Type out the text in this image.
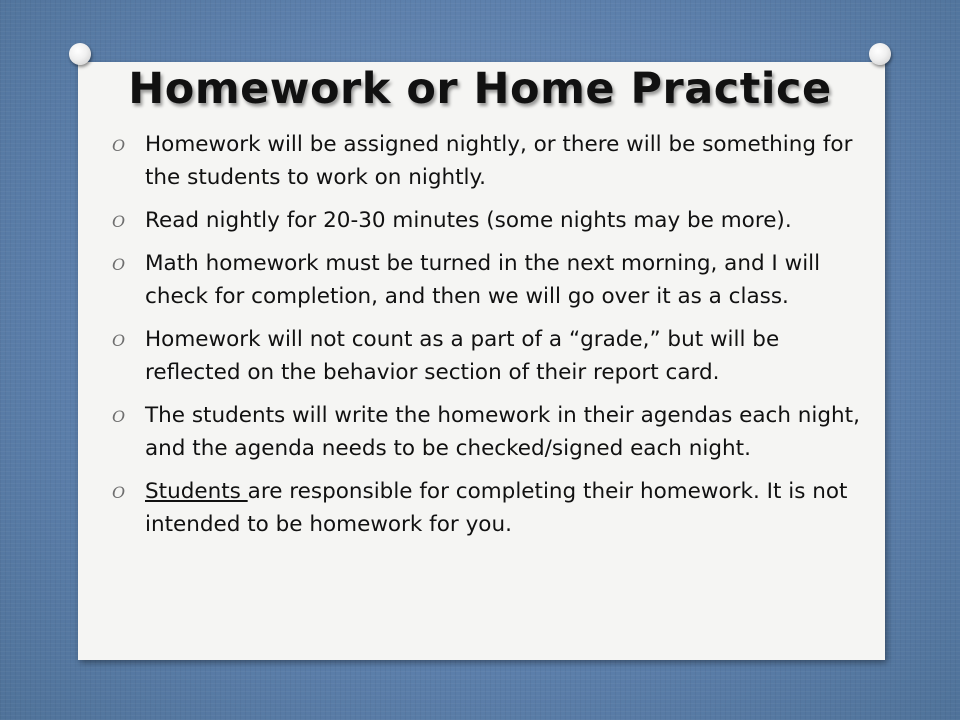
Homework or Home Practice
O Homework will be assigned nightly, or there will be something for the students to work on nightly.
O Read nightly for 20-30 minutes (some nights may be more).
O Math homework must be turned in the next morning, and I will check for completion, and then we will go over it as a class.
O Homework will not count as a part of a “grade,” but will be reflected on the behavior section of their report card.
O The students will write the homework in their agendas each night, and the agenda needs to be checked/signed each night.
O Students are responsible for completing their homework. It is not intended to be homework for you.
